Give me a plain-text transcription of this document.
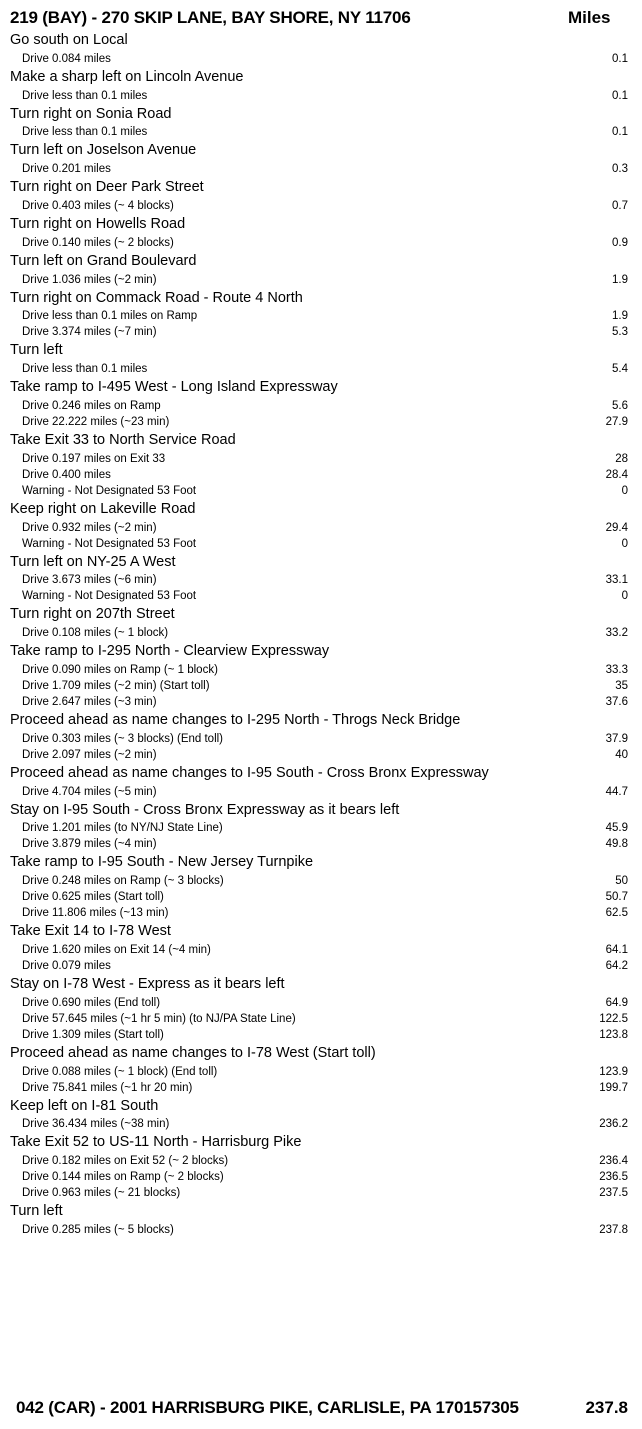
219 (BAY) - 270 SKIP LANE, BAY SHORE, NY 11706	Miles
Go south on Local
Drive 0.084 miles	0.1
Make a sharp left on Lincoln Avenue
Drive less than 0.1 miles	0.1
Turn right on Sonia Road
Drive less than 0.1 miles	0.1
Turn left on Joselson Avenue
Drive 0.201 miles	0.3
Turn right on Deer Park Street
Drive 0.403 miles (~ 4 blocks)	0.7
Turn right on Howells Road
Drive 0.140 miles (~ 2 blocks)	0.9
Turn left on Grand Boulevard
Drive 1.036 miles (~2 min)	1.9
Turn right on Commack Road - Route 4 North
Drive less than 0.1 miles on Ramp	1.9
Drive 3.374 miles (~7 min)	5.3
Turn left
Drive less than 0.1 miles	5.4
Take ramp to I-495 West - Long Island Expressway
Drive 0.246 miles on Ramp	5.6
Drive 22.222 miles (~23 min)	27.9
Take Exit 33 to North Service Road
Drive 0.197 miles on Exit 33	28
Drive 0.400 miles	28.4
Warning - Not Designated 53 Foot	0
Keep right on Lakeville Road
Drive 0.932 miles (~2 min)	29.4
Warning - Not Designated 53 Foot	0
Turn left on NY-25 A West
Drive 3.673 miles (~6 min)	33.1
Warning - Not Designated 53 Foot	0
Turn right on 207th Street
Drive 0.108 miles (~ 1 block)	33.2
Take ramp to I-295 North - Clearview Expressway
Drive 0.090 miles on Ramp (~ 1 block)	33.3
Drive 1.709 miles (~2 min) (Start toll)	35
Drive 2.647 miles (~3 min)	37.6
Proceed ahead as name changes to I-295 North - Throgs Neck Bridge
Drive 0.303 miles (~ 3 blocks) (End toll)	37.9
Drive 2.097 miles (~2 min)	40
Proceed ahead as name changes to I-95 South - Cross Bronx Expressway
Drive 4.704 miles (~5 min)	44.7
Stay on I-95 South - Cross Bronx Expressway as it bears left
Drive 1.201 miles (to NY/NJ State Line)	45.9
Drive 3.879 miles (~4 min)	49.8
Take ramp to I-95 South - New Jersey Turnpike
Drive 0.248 miles on Ramp (~ 3 blocks)	50
Drive 0.625 miles (Start toll)	50.7
Drive 11.806 miles (~13 min)	62.5
Take Exit 14 to I-78 West
Drive 1.620 miles on Exit 14 (~4 min)	64.1
Drive 0.079 miles	64.2
Stay on I-78 West - Express as it bears left
Drive 0.690 miles (End toll)	64.9
Drive 57.645 miles (~1 hr 5 min) (to NJ/PA State Line)	122.5
Drive 1.309 miles (Start toll)	123.8
Proceed ahead as name changes to I-78 West (Start toll)
Drive 0.088 miles (~ 1 block) (End toll)	123.9
Drive 75.841 miles (~1 hr 20 min)	199.7
Keep left on I-81 South
Drive 36.434 miles (~38 min)	236.2
Take Exit 52 to US-11 North - Harrisburg Pike
Drive 0.182 miles on Exit 52 (~ 2 blocks)	236.4
Drive 0.144 miles on Ramp (~ 2 blocks)	236.5
Drive 0.963 miles (~ 21 blocks)	237.5
Turn left
Drive 0.285 miles (~ 5 blocks)	237.8
042 (CAR) - 2001 HARRISBURG PIKE, CARLISLE, PA 170157305	237.8
